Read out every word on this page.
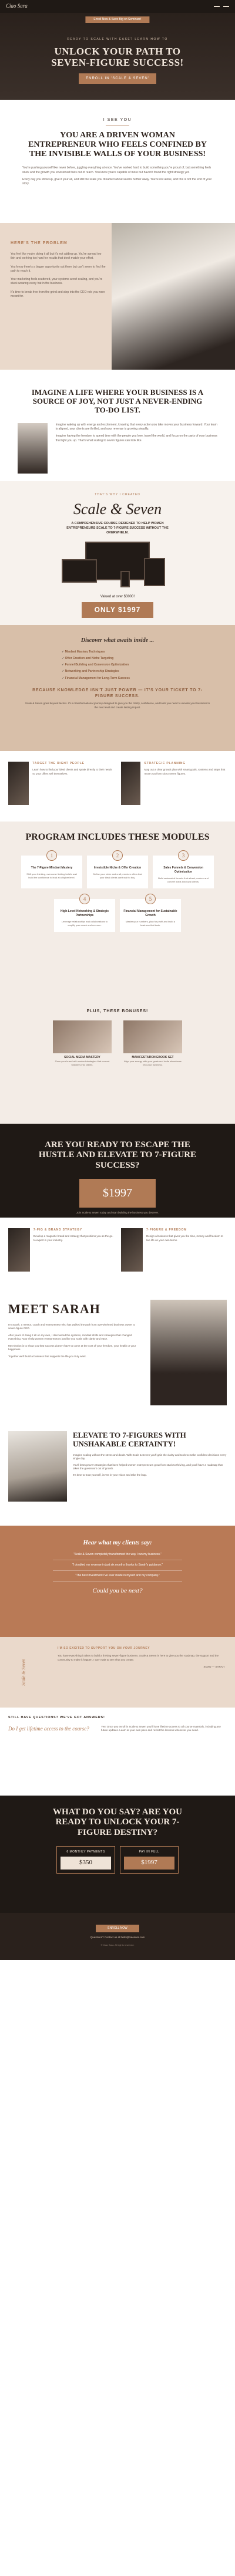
Ciao Sara
Enroll Now & Save Big on Seminars!
READY TO SCALE WITH EASE? LEARN HOW TO
UNLOCK YOUR PATH TO SEVEN-FIGURE SUCCESS!
ENROLL IN 'SCALE & SEVEN'
I SEE YOU
YOU ARE A DRIVEN WOMAN ENTREPRENEUR WHO FEELS CONFINED BY THE INVISIBLE WALLS OF YOUR BUSINESS!

You're pushing yourself like never before, juggling everything at once. You've worked hard to build something you're proud of, but something feels stuck and the growth you envisioned feels out of reach. You know you're capable of more but haven't found the right strategy yet.

Every day you show up, give it your all, and still the scale you dreamed about seems further away. You're not alone, and this is not the end of your story.

HERE'S THE PROBLEM

You feel like you're doing it all but it's not adding up. You're spread too thin and working too hard for results that don't match your effort.

You know there's a bigger opportunity out there but can't seem to find the path to reach it.

Your marketing feels scattered, your systems aren't scaling, and you're stuck wearing every hat in the business.

It's time to break free from the grind and step into the CEO role you were meant for.

IMAGINE A LIFE WHERE YOUR BUSINESS IS A SOURCE OF JOY, NOT JUST A NEVER-ENDING TO-DO LIST.

Imagine waking up with energy and excitement, knowing that every action you take moves your business forward. Your team is aligned, your clients are thrilled, and your revenue is growing steadily.

Imagine having the freedom to spend time with the people you love, travel the world, and focus on the parts of your business that light you up. That's what scaling to seven figures can look like.

THAT'S WHY I CREATED
Scale & Seven
A COMPREHENSIVE COURSE DESIGNED TO HELP WOMEN ENTREPRENEURS SCALE TO 7-FIGURE SUCCESS WITHOUT THE OVERWHELM.
Valued at over $3000!
ONLY $1997
Discover what awaits inside ...
✓ Mindset Mastery Techniques
✓ Offer Creation and Niche Targeting
✓ Funnel Building and Conversion Optimization
✓ Networking and Partnership Strategies
✓ Financial Management for Long-Term Success
BECAUSE KNOWLEDGE ISN'T JUST POWER — IT'S YOUR TICKET TO 7-FIGURE SUCCESS.
Scale & Seven goes beyond tactics. It's a transformational journey designed to give you the clarity, confidence, and tools you need to elevate your business to the next level and create lasting impact.
TARGET THE RIGHT PEOPLE

Learn how to find your ideal clients and speak directly to their needs so your offers sell themselves.

STRATEGIC PLANNING

Map out a clear growth plan with smart goals, systems and steps that move you from six to seven figures.

PROGRAM INCLUDES THESE MODULES
1
The 7-Figure Mindset Mastery

Shift your thinking, overcome limiting beliefs and build the confidence to lead at a higher level.

2
Irresistible Niche & Offer Creation

Define your niche and craft premium offers that your ideal clients can't wait to buy.

3
Sales Funnels & Conversion Optimization

Build automated funnels that attract, nurture and convert leads into loyal clients.

4
High-Level Networking & Strategic Partnerships

Leverage relationships and collaborations to amplify your reach and revenue.

5
Financial Management for Sustainable Growth

Master your numbers, plan for profit and build a business that lasts.

PLUS, THESE BONUSES!
SOCIAL MEDIA MASTERY

Grow your brand with content strategies that convert followers into clients.

MANIFESTATION EBOOK SET

Align your energy with your goals and invite abundance into your business.

ARE YOU READY TO ESCAPE THE HUSTLE AND ELEVATE TO 7-FIGURE SUCCESS?
$1997
Join Scale & Seven today and start building the business you deserve.
7-FIG & BRAND STRATEGY

Develop a magnetic brand and strategy that positions you as the go-to expert in your industry.

7-FIGURE & FREEDOM

Design a business that gives you the time, money and freedom to live life on your own terms.

MEET SARAH

I'm Sarah, a mentor, coach and entrepreneur who has walked the path from overwhelmed business owner to seven-figure CEO.

After years of doing it all on my own, I discovered the systems, mindset shifts and strategies that changed everything. Now I help women entrepreneurs just like you scale with clarity and ease.

My mission is to show you that success doesn't have to come at the cost of your freedom, your health or your happiness.

Together we'll build a business that supports the life you truly want.

ELEVATE TO 7-FIGURES WITH UNSHAKABLE CERTAINTY!

Imagine scaling without the stress and doubt. With Scale & Seven you'll gain the clarity and tools to make confident decisions every single day.

You'll learn proven strategies that have helped women entrepreneurs grow from stuck to thriving, and you'll have a roadmap that takes the guesswork out of growth.

It's time to trust yourself, invest in your vision and take the leap.

Hear what my clients say:
“Scale & Seven completely transformed the way I run my business.”
“I doubled my revenue in just six months thanks to Sarah's guidance.”
“The best investment I've ever made in myself and my company.”
Could you be next?
Scale & Seven
I'M SO EXCITED TO SUPPORT YOU ON YOUR JOURNEY

You have everything it takes to build a thriving seven-figure business. Scale & Seven is here to give you the roadmap, the support and the community to make it happen. I can't wait to see what you create.

XOXO — SARAH
STILL HAVE QUESTIONS? WE'VE GOT ANSWERS!
Do I get lifetime access to the course?	Yes! Once you enroll in Scale & Seven you'll have lifetime access to all course materials, including any future updates. Learn at your own pace and revisit the lessons whenever you need.
WHAT DO YOU SAY? ARE YOU READY TO UNLOCK YOUR 7-FIGURE DESTINY?
6 MONTHLY PAYMENTS
$350
PAY IN FULL
$1997
ENROLL NOW
Questions? Contact us at hello@ciaosara.com
© Ciao Sara. All rights reserved.
